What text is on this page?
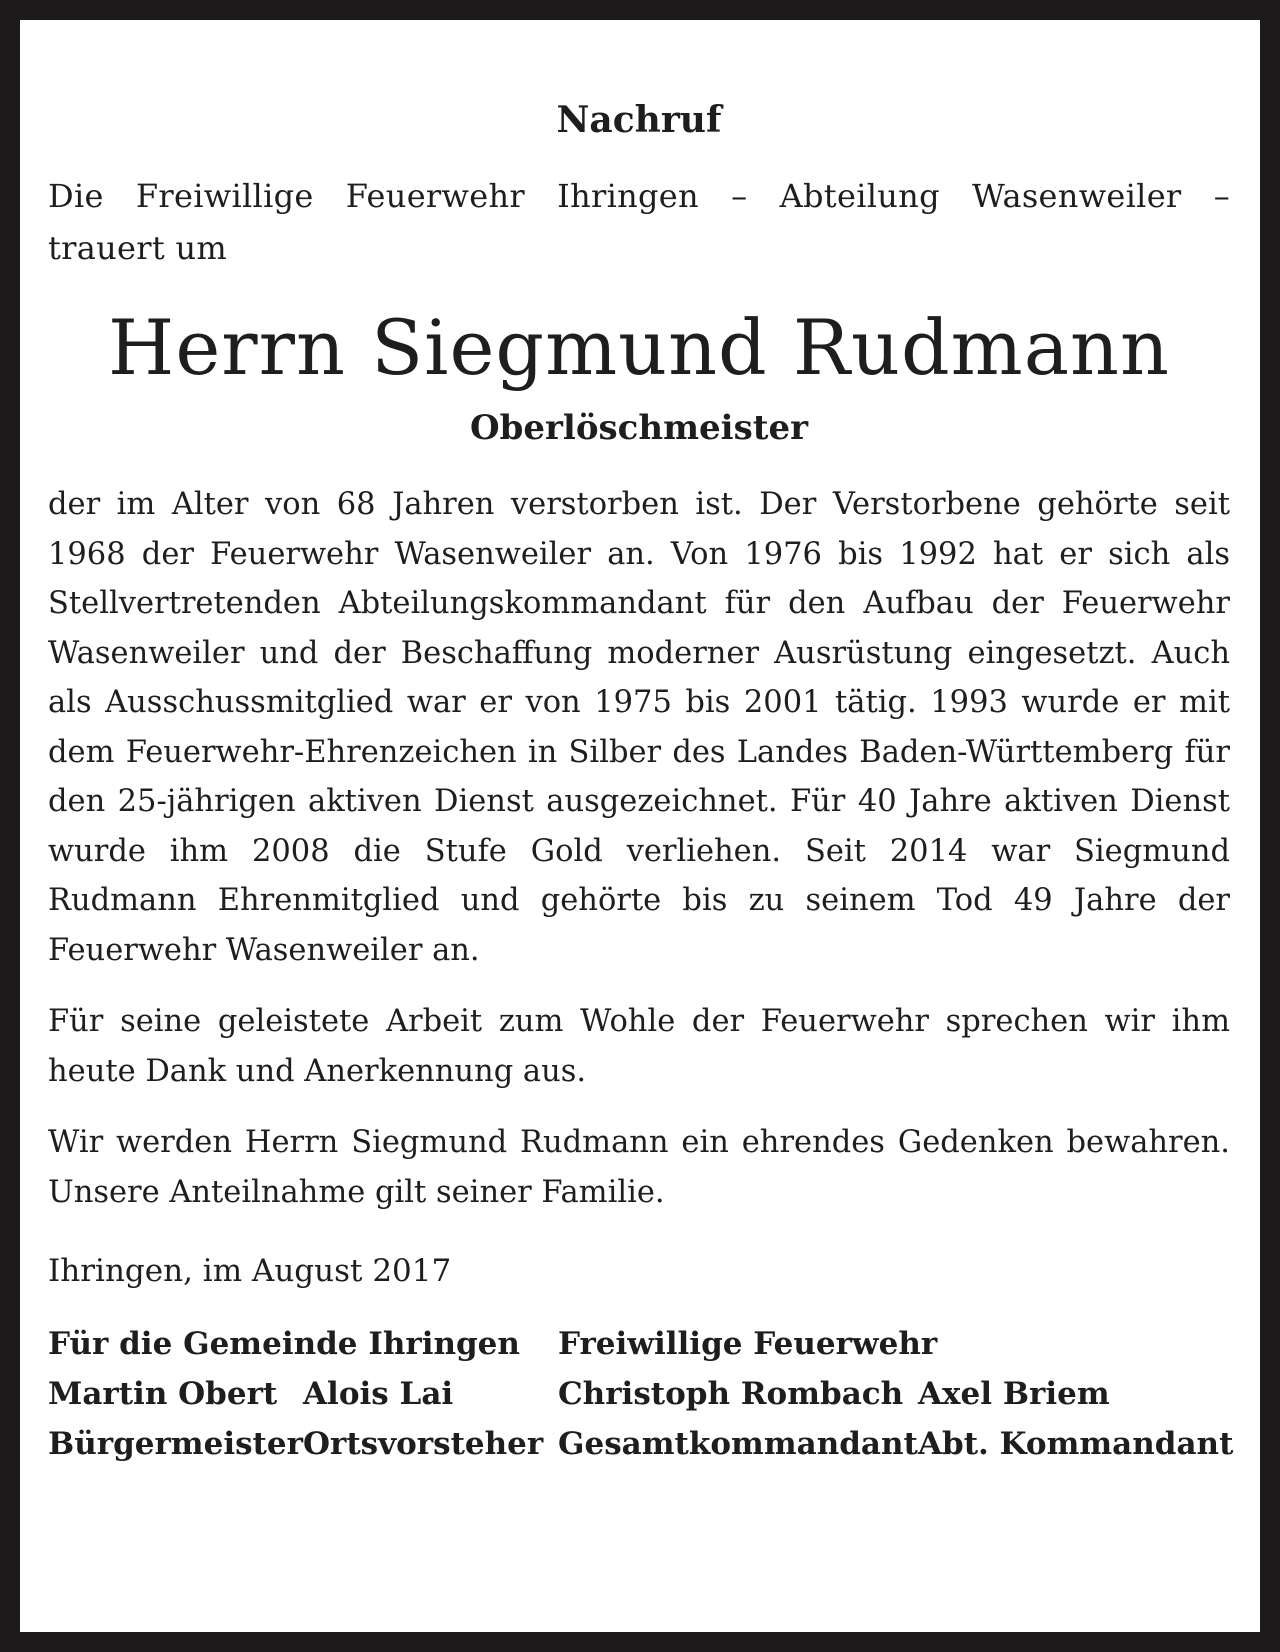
Nachruf
Die Freiwillige Feuerwehr Ihringen – Abteilung Wasenweiler –
trauert um
Herrn Siegmund Rudmann
Oberlöschmeister

der im Alter von 68 Jahren verstorben ist. Der Verstorbene gehörte seit 1968 der Feuerwehr Wasenweiler an. Von 1976 bis 1992 hat er sich als Stellvertretenden Abteilungskommandant für den Aufbau der Feuerwehr Wasenweiler und der Beschaffung moderner Ausrüstung eingesetzt. Auch als Ausschussmitglied war er von 1975 bis 2001 tätig. 1993 wurde er mit dem Feuerwehr-Ehrenzeichen in Silber des Landes Baden-Württemberg für den 25-jährigen aktiven Dienst ausgezeichnet. Für 40 Jahre aktiven Dienst wurde ihm 2008 die Stufe Gold verliehen. Seit 2014 war Siegmund Rudmann Ehrenmitglied und gehörte bis zu seinem Tod 49 Jahre der Feuerwehr Wasenweiler an.

Für seine geleistete Arbeit zum Wohle der Feuerwehr sprechen wir ihm heute Dank und Anerkennung aus.

Wir werden Herrn Siegmund Rudmann ein ehrendes Gedenken bewahren. Unsere Anteilnahme gilt seiner Familie.

Ihringen, im August 2017
Für die Gemeinde Ihringen	Freiwillige Feuerwehr
Martin Obert Alois Lai	Christoph Rombach Axel Briem
Bürgermeister Ortsvorsteher Gesamtkommandant Abt. Kommandant
